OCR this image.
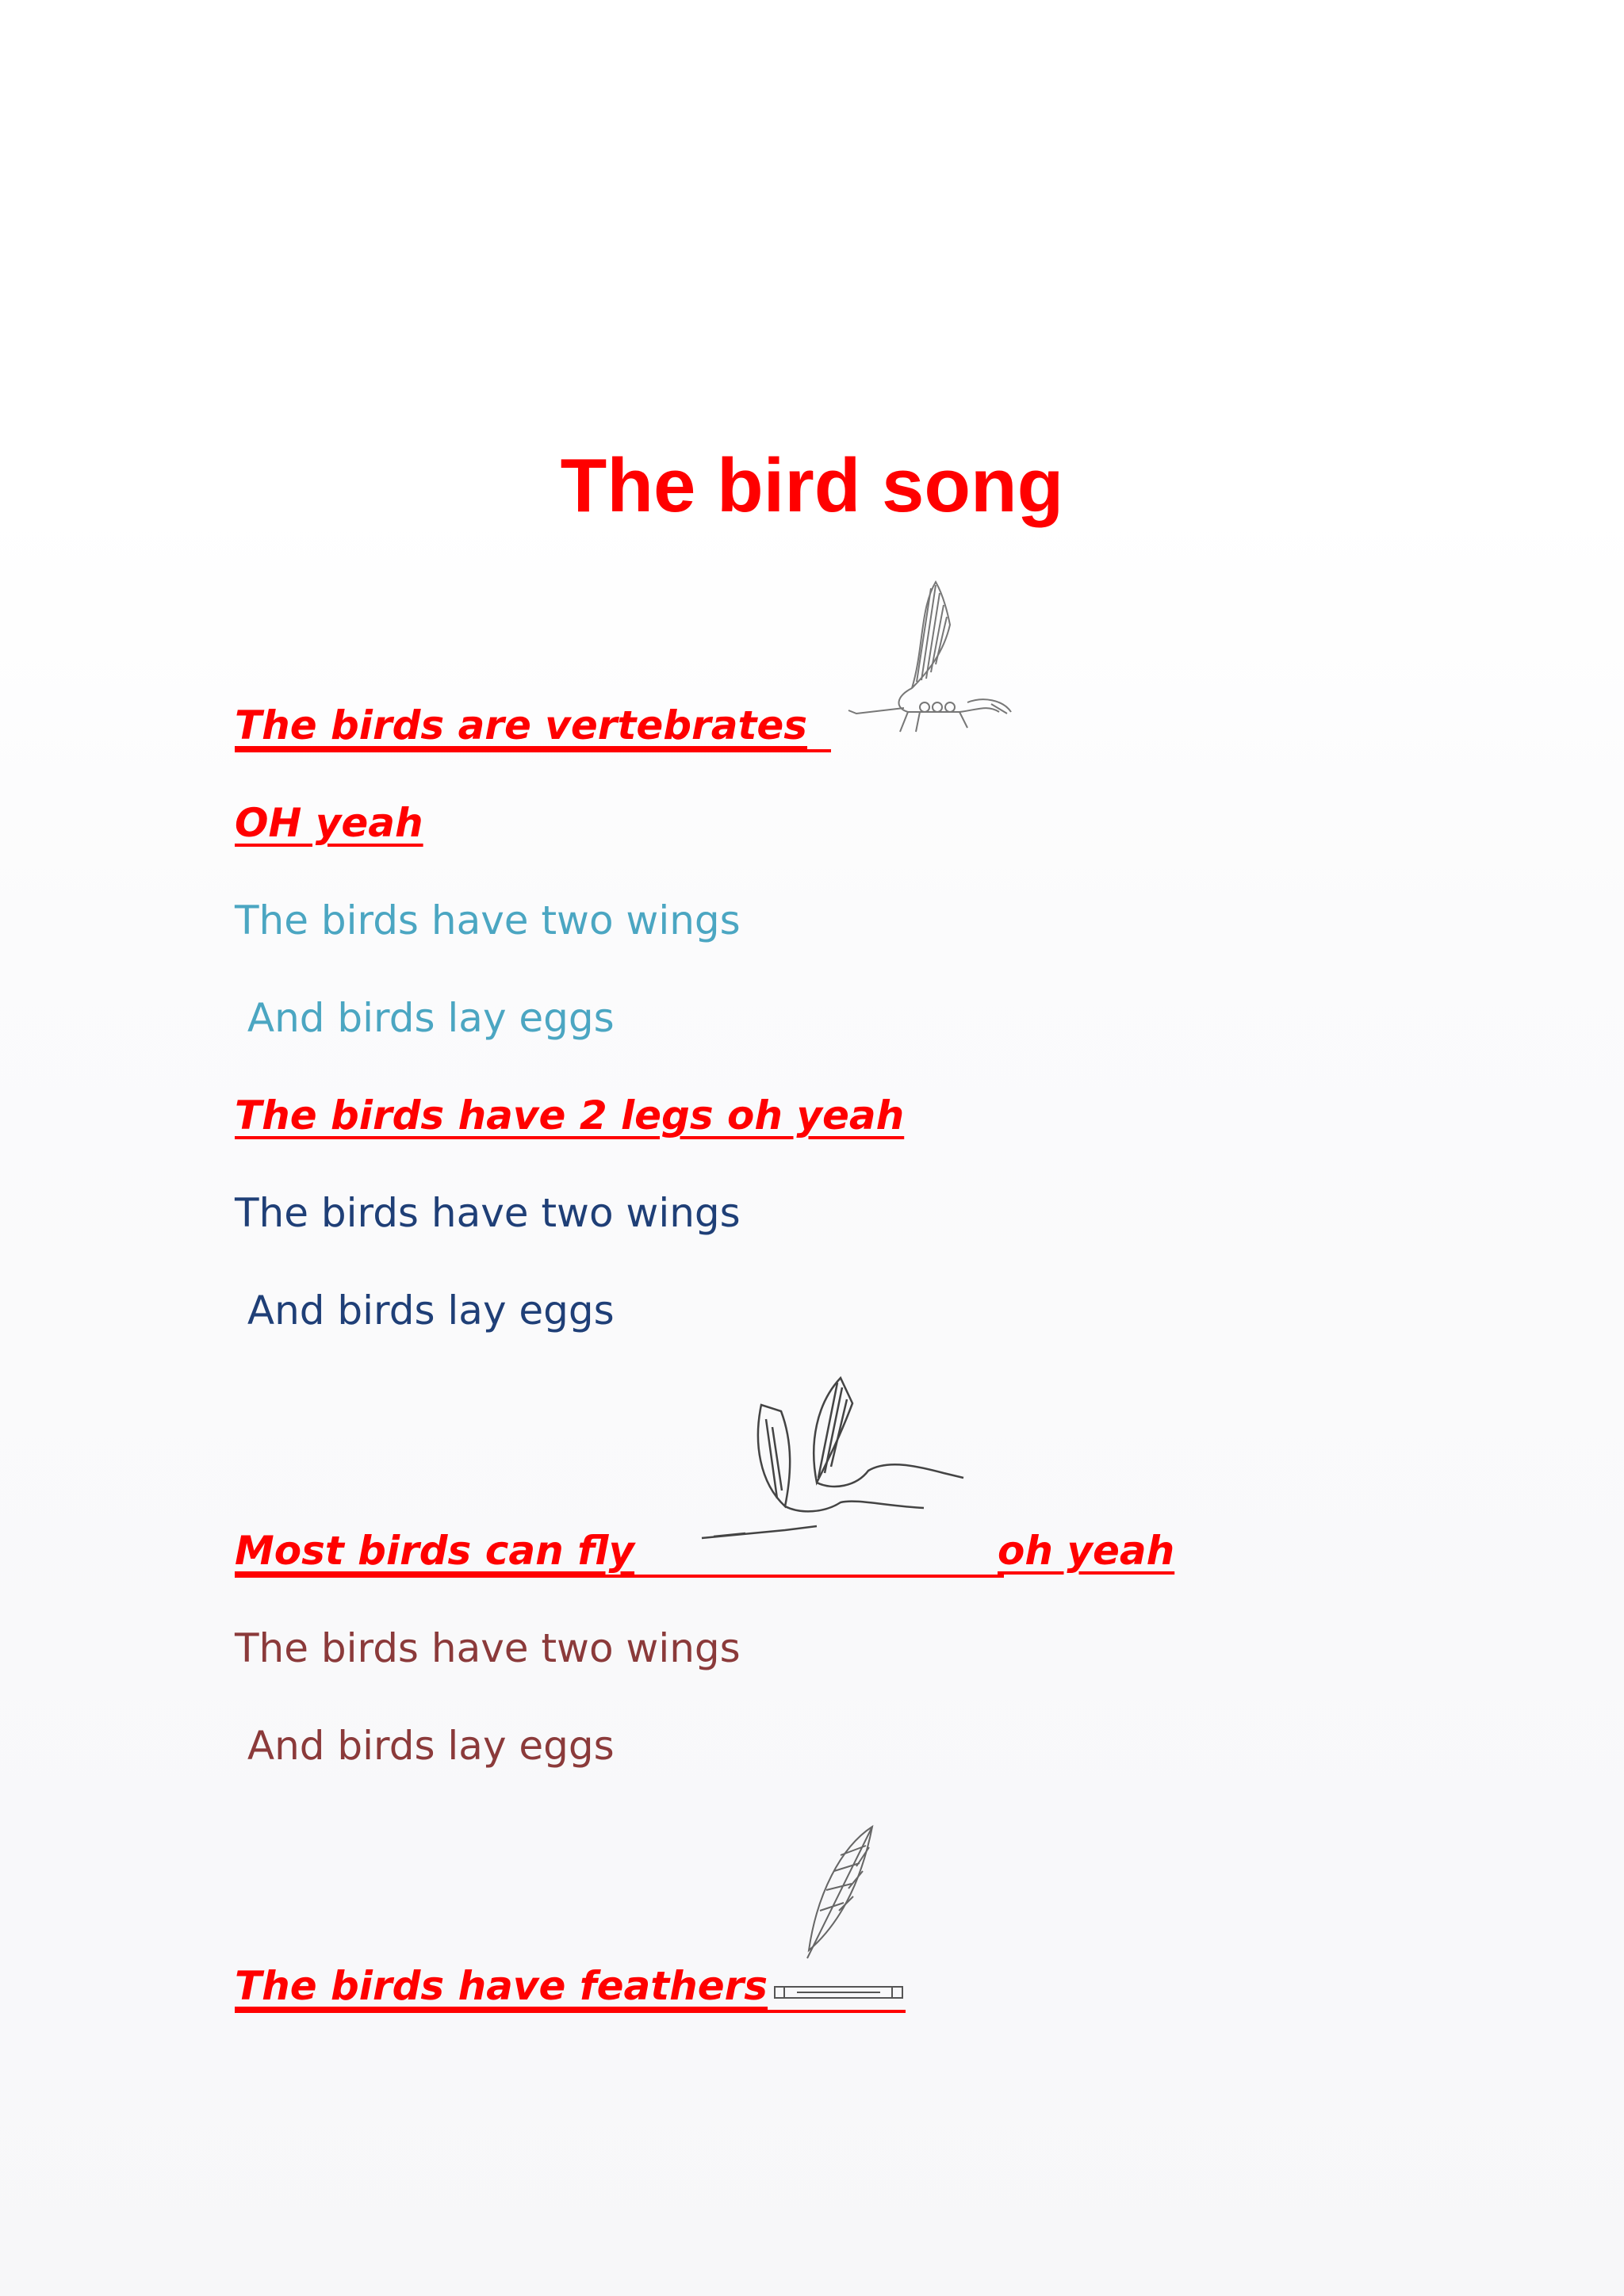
The bird song
The birds are vertebrates
OH yeah
The birds have two wings
And birds lay eggs
The birds have 2 legs oh yeah
The birds have two wings
And birds lay eggs
Most birds can fly	oh yeah
The birds have two wings
And birds lay eggs
The birds have feathers
